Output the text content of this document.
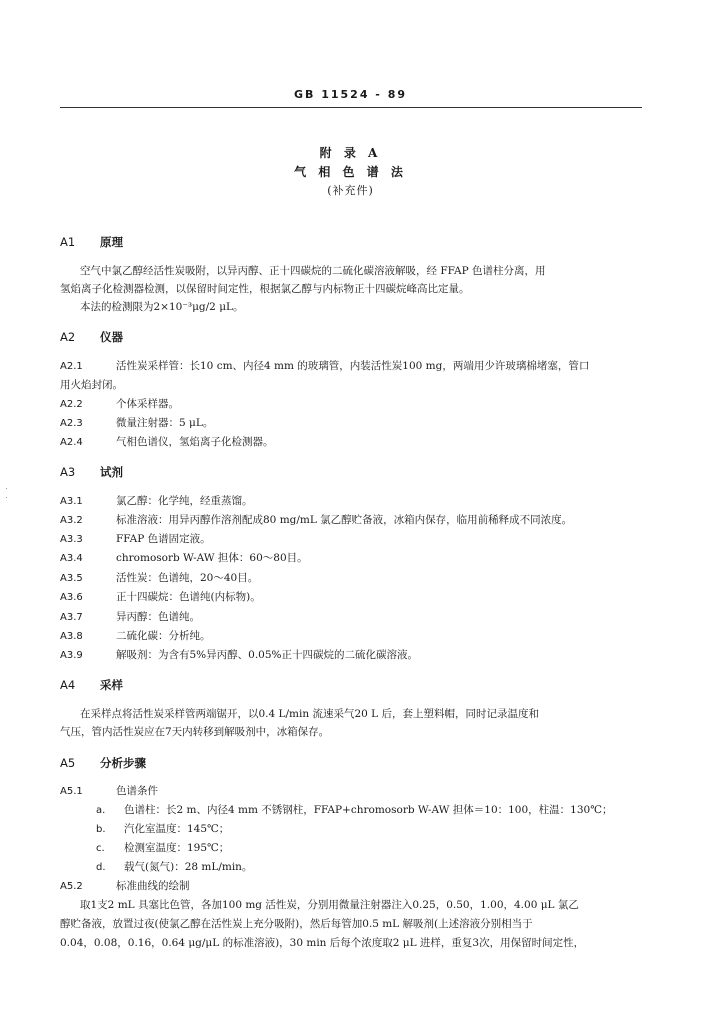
GB 11524 - 89
附 录 A
气 相 色 谱 法
(补充件)
A1 原理
空气中氯乙醇经活性炭吸附，以异丙醇、正十四碳烷的二硫化碳溶液解吸，经 FFAP 色谱柱分离，用
氢焰离子化检测器检测，以保留时间定性，根据氯乙醇与内标物正十四碳烷峰高比定量。
本法的检测限为2×10⁻³μg/2 μL。
A2 仪器
A2.1	活性炭采样管：长10 cm、内径4 mm 的玻璃管，内装活性炭100 mg，两端用少许玻璃棉堵塞，管口
用火焰封闭。
A2.2	个体采样器。
A2.3	微量注射器：5 μL。
A2.4	气相色谱仪，氢焰离子化检测器。
A3 试剂
A3.1	氯乙醇：化学纯，经重蒸馏。
A3.2	标准溶液：用异丙醇作溶剂配成80 mg/mL 氯乙醇贮备液，冰箱内保存，临用前稀释成不同浓度。
A3.3	FFAP 色谱固定液。
A3.4	chromosorb W-AW 担体：60～80目。
A3.5	活性炭：色谱纯，20～40目。
A3.6	正十四碳烷：色谱纯(内标物)。
A3.7	异丙醇：色谱纯。
A3.8	二硫化碳：分析纯。
A3.9	解吸剂：为含有5%异丙醇、0.05%正十四碳烷的二硫化碳溶液。
A4 采样
在采样点将活性炭采样管两端锯开，以0.4 L/min 流速采气20 L 后，套上塑料帽，同时记录温度和
气压，管内活性炭应在7天内转移到解吸剂中，冰箱保存。
A5 分析步骤
A5.1	色谱条件
a. 色谱柱：长2 m、内径4 mm 不锈钢柱，FFAP+chromosorb W-AW 担体＝10：100，柱温：130℃；
b. 汽化室温度：145℃；
c. 检测室温度：195℃；
d. 载气(氮气)：28 mL/min。
A5.2	标准曲线的绘制
取1支2 mL 具塞比色管，各加100 mg 活性炭，分别用微量注射器注入0.25，0.50，1.00，4.00 μL 氯乙
醇贮备液，放置过夜(使氯乙醇在活性炭上充分吸附)，然后每管加0.5 mL 解吸剂(上述溶液分别相当于
0.04，0.08，0.16，0.64 μg/μL 的标准溶液)，30 min 后每个浓度取2 μL 进样，重复3次，用保留时间定性，
